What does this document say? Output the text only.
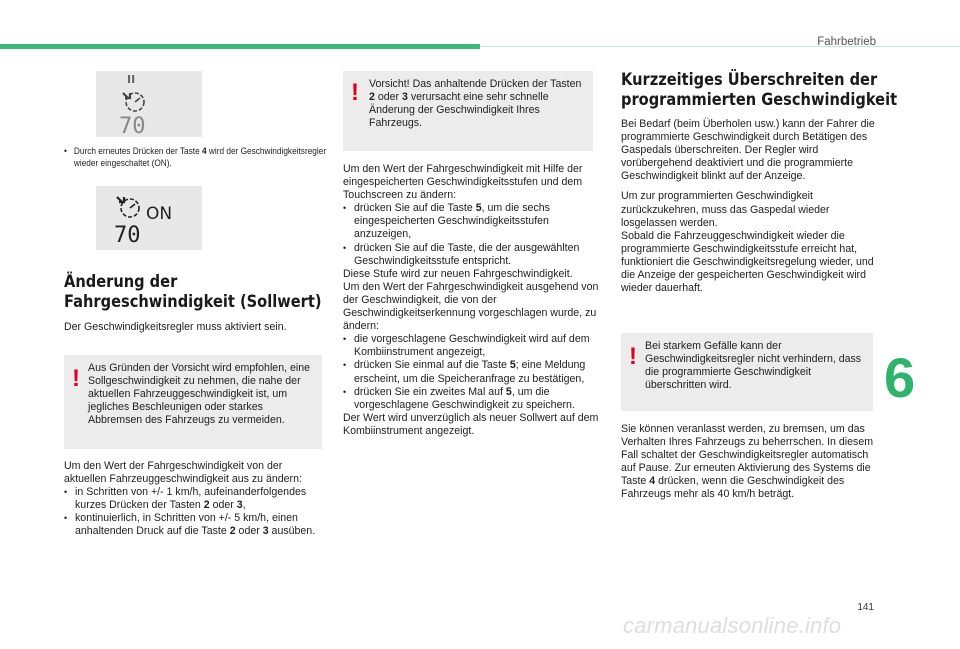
Fahrbetrieb
6
141
carmanualsonline.info
II
70

• Durch erneutes Drücken der Taste 4 wird der Geschwindigkeitsregler wieder eingeschaltet (ON).

ON
70
Änderung der
Fahrgeschwindigkeit (Sollwert)

Der Geschwindigkeitsregler muss aktiviert sein.

! Aus Gründen der Vorsicht wird empfohlen, eine Sollgeschwindigkeit zu nehmen, die nahe der aktuellen Fahrzeuggeschwindigkeit ist, um jegliches Beschleunigen oder starkes Abbremsen des Fahrzeugs zu vermeiden.

Um den Wert der Fahrgeschwindigkeit von der aktuellen Fahrzeuggeschwindigkeit aus zu ändern:

• in Schritten von +/- 1 km/h, aufeinanderfolgendes kurzes Drücken der Tasten 2 oder 3,

• kontinuierlich, in Schritten von +/- 5 km/h, einen anhaltenden Druck auf die Taste 2 oder 3 ausüben.

! Vorsicht! Das anhaltende Drücken der Tasten 2 oder 3 verursacht eine sehr schnelle Änderung der Geschwindigkeit Ihres Fahrzeugs.

Um den Wert der Fahrgeschwindigkeit mit Hilfe der eingespeicherten Geschwindigkeitsstufen und dem Touchscreen zu ändern:

• drücken Sie auf die Taste 5, um die sechs eingespeicherten Geschwindigkeitsstufen anzuzeigen,

• drücken Sie auf die Taste, die der ausgewählten Geschwindigkeitsstufe entspricht.

Diese Stufe wird zur neuen Fahrgeschwindigkeit.

Um den Wert der Fahrgeschwindigkeit ausgehend von der Geschwindigkeit, die von der Geschwindigkeitserkennung vorgeschlagen wurde, zu ändern:

• die vorgeschlagene Geschwindigkeit wird auf dem Kombiinstrument angezeigt,

• drücken Sie einmal auf die Taste 5; eine Meldung erscheint, um die Speicheranfrage zu bestätigen,

• drücken Sie ein zweites Mal auf 5, um die vorgeschlagene Geschwindigkeit zu speichern.

Der Wert wird unverzüglich als neuer Sollwert auf dem Kombiinstrument angezeigt.

Kurzzeitiges Überschreiten der
programmierten Geschwindigkeit

Bei Bedarf (beim Überholen usw.) kann der Fahrer die programmierte Geschwindigkeit durch Betätigen des Gaspedals überschreiten. Der Regler wird vorübergehend deaktiviert und die programmierte Geschwindigkeit blinkt auf der Anzeige.

Um zur programmierten Geschwindigkeit zurückzukehren, muss das Gaspedal wieder losgelassen werden.

Sobald die Fahrzeuggeschwindigkeit wieder die programmierte Geschwindigkeitsstufe erreicht hat, funktioniert die Geschwindigkeitsregelung wieder, und die Anzeige der gespeicherten Geschwindigkeit wird wieder dauerhaft.

! Bei starkem Gefälle kann der Geschwindigkeitsregler nicht verhindern, dass die programmierte Geschwindigkeit überschritten wird.

Sie können veranlasst werden, zu bremsen, um das Verhalten Ihres Fahrzeugs zu beherrschen. In diesem Fall schaltet der Geschwindigkeitsregler automatisch auf Pause. Zur erneuten Aktivierung des Systems die Taste 4 drücken, wenn die Geschwindigkeit des Fahrzeugs mehr als 40 km/h beträgt.
